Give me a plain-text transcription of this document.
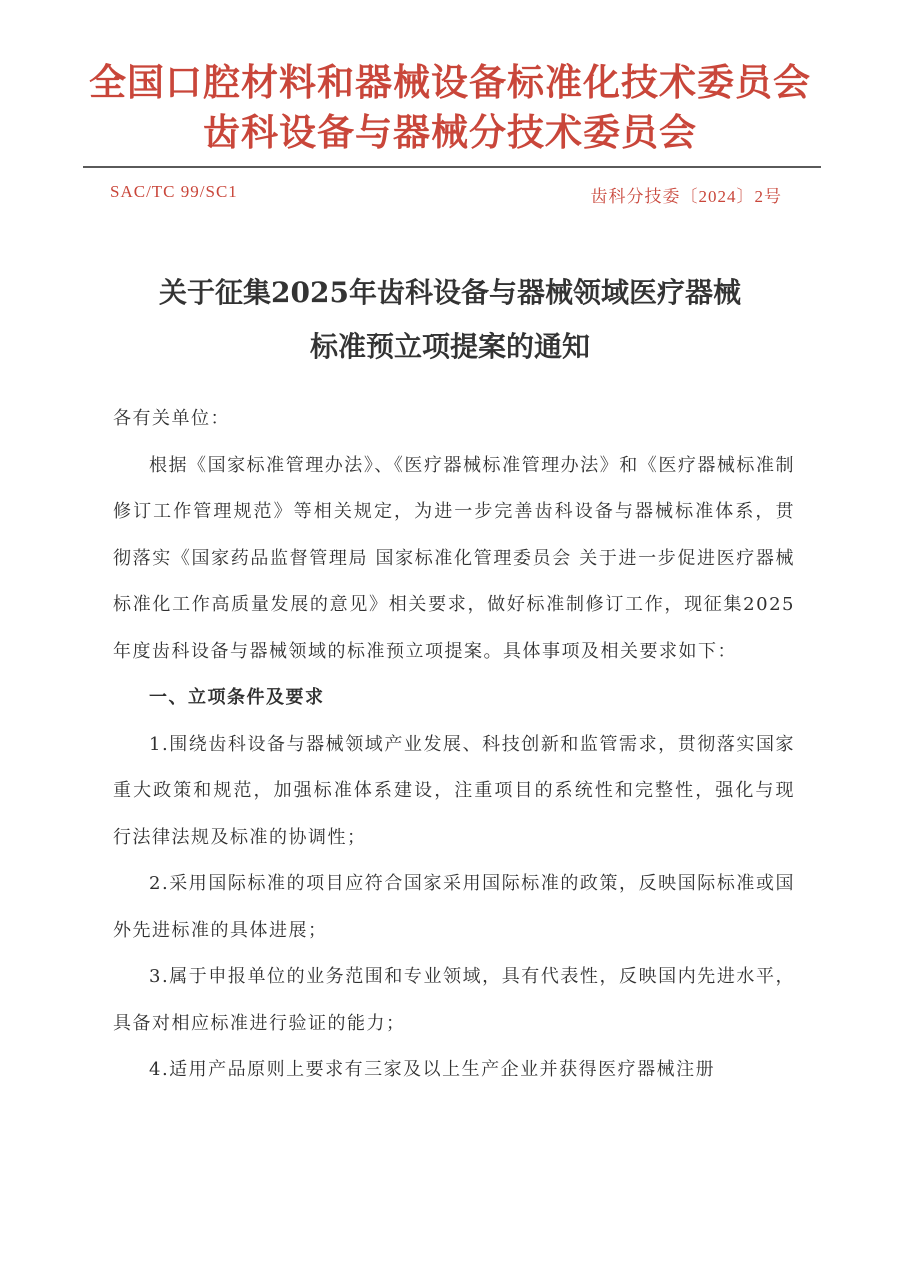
全国口腔材料和器械设备标准化技术委员会
齿科设备与器械分技术委员会
SAC/TC 99/SC1	齿科分技委〔2024〕2号
关于征集2025年齿科设备与器械领域医疗器械
标准预立项提案的通知

各有关单位：

根据《国家标准管理办法》、《医疗器械标准管理办法》和《医疗器械标准制修订工作管理规范》等相关规定，为进一步完善齿科设备与器械标准体系，贯彻落实《国家药品监督管理局 国家标准化管理委员会 关于进一步促进医疗器械标准化工作高质量发展的意见》相关要求，做好标准制修订工作，现征集2025年度齿科设备与器械领域的标准预立项提案。具体事项及相关要求如下：

一、立项条件及要求

1.围绕齿科设备与器械领域产业发展、科技创新和监管需求，贯彻落实国家重大政策和规范，加强标准体系建设，注重项目的系统性和完整性，强化与现行法律法规及标准的协调性；

2.采用国际标准的项目应符合国家采用国际标准的政策，反映国际标准或国外先进标准的具体进展；

3.属于申报单位的业务范围和专业领域，具有代表性，反映国内先进水平，具备对相应标准进行验证的能力；

4.适用产品原则上要求有三家及以上生产企业并获得医疗器械注册
